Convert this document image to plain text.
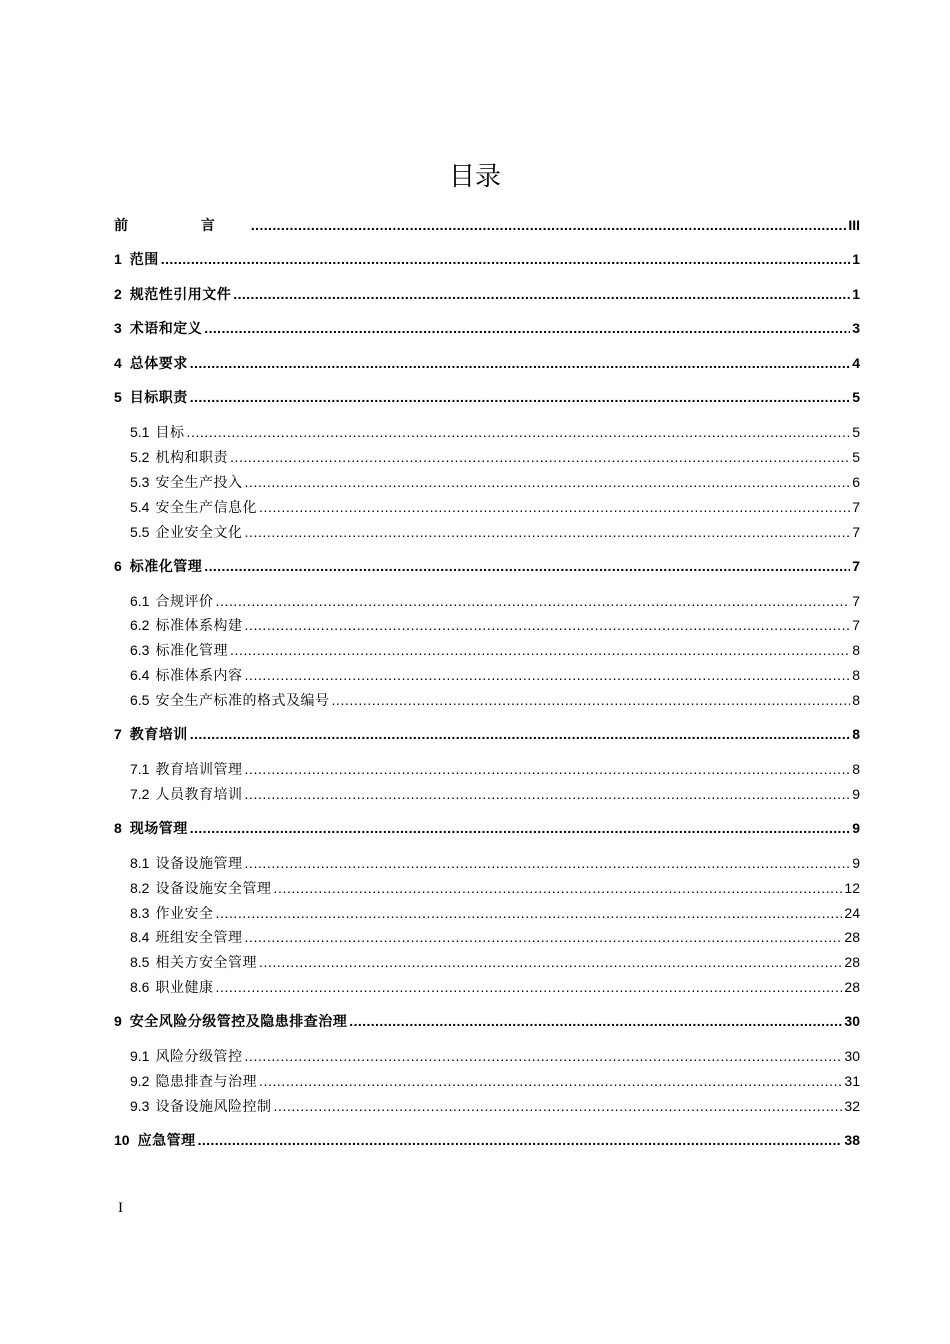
目录
前 言 .....	III
1 范围 .....	1
2 规范性引用文件 .....	1
3 术语和定义 .....	3
4 总体要求 .....	4
5 目标职责 .....	5
5.1 目标 .....	5
5.2 机构和职责 .....	5
5.3 安全生产投入 .....	6
5.4 安全生产信息化 .....	7
5.5 企业安全文化 .....	7
6 标准化管理 .....	7
6.1 合规评价 .....	7
6.2 标准体系构建 .....	7
6.3 标准化管理 .....	8
6.4 标准体系内容 .....	8
6.5 安全生产标准的格式及编号 .....	8
7 教育培训 .....	8
7.1 教育培训管理 .....	8
7.2 人员教育培训 .....	9
8 现场管理 .....	9
8.1 设备设施管理 .....	9
8.2 设备设施安全管理 .....	12
8.3 作业安全 .....	24
8.4 班组安全管理 .....	28
8.5 相关方安全管理 .....	28
8.6 职业健康 .....	28
9 安全风险分级管控及隐患排查治理 .....	30
9.1 风险分级管控 .....	30
9.2 隐患排查与治理 .....	31
9.3 设备设施风险控制 .....	32
10 应急管理 .....	38
I
